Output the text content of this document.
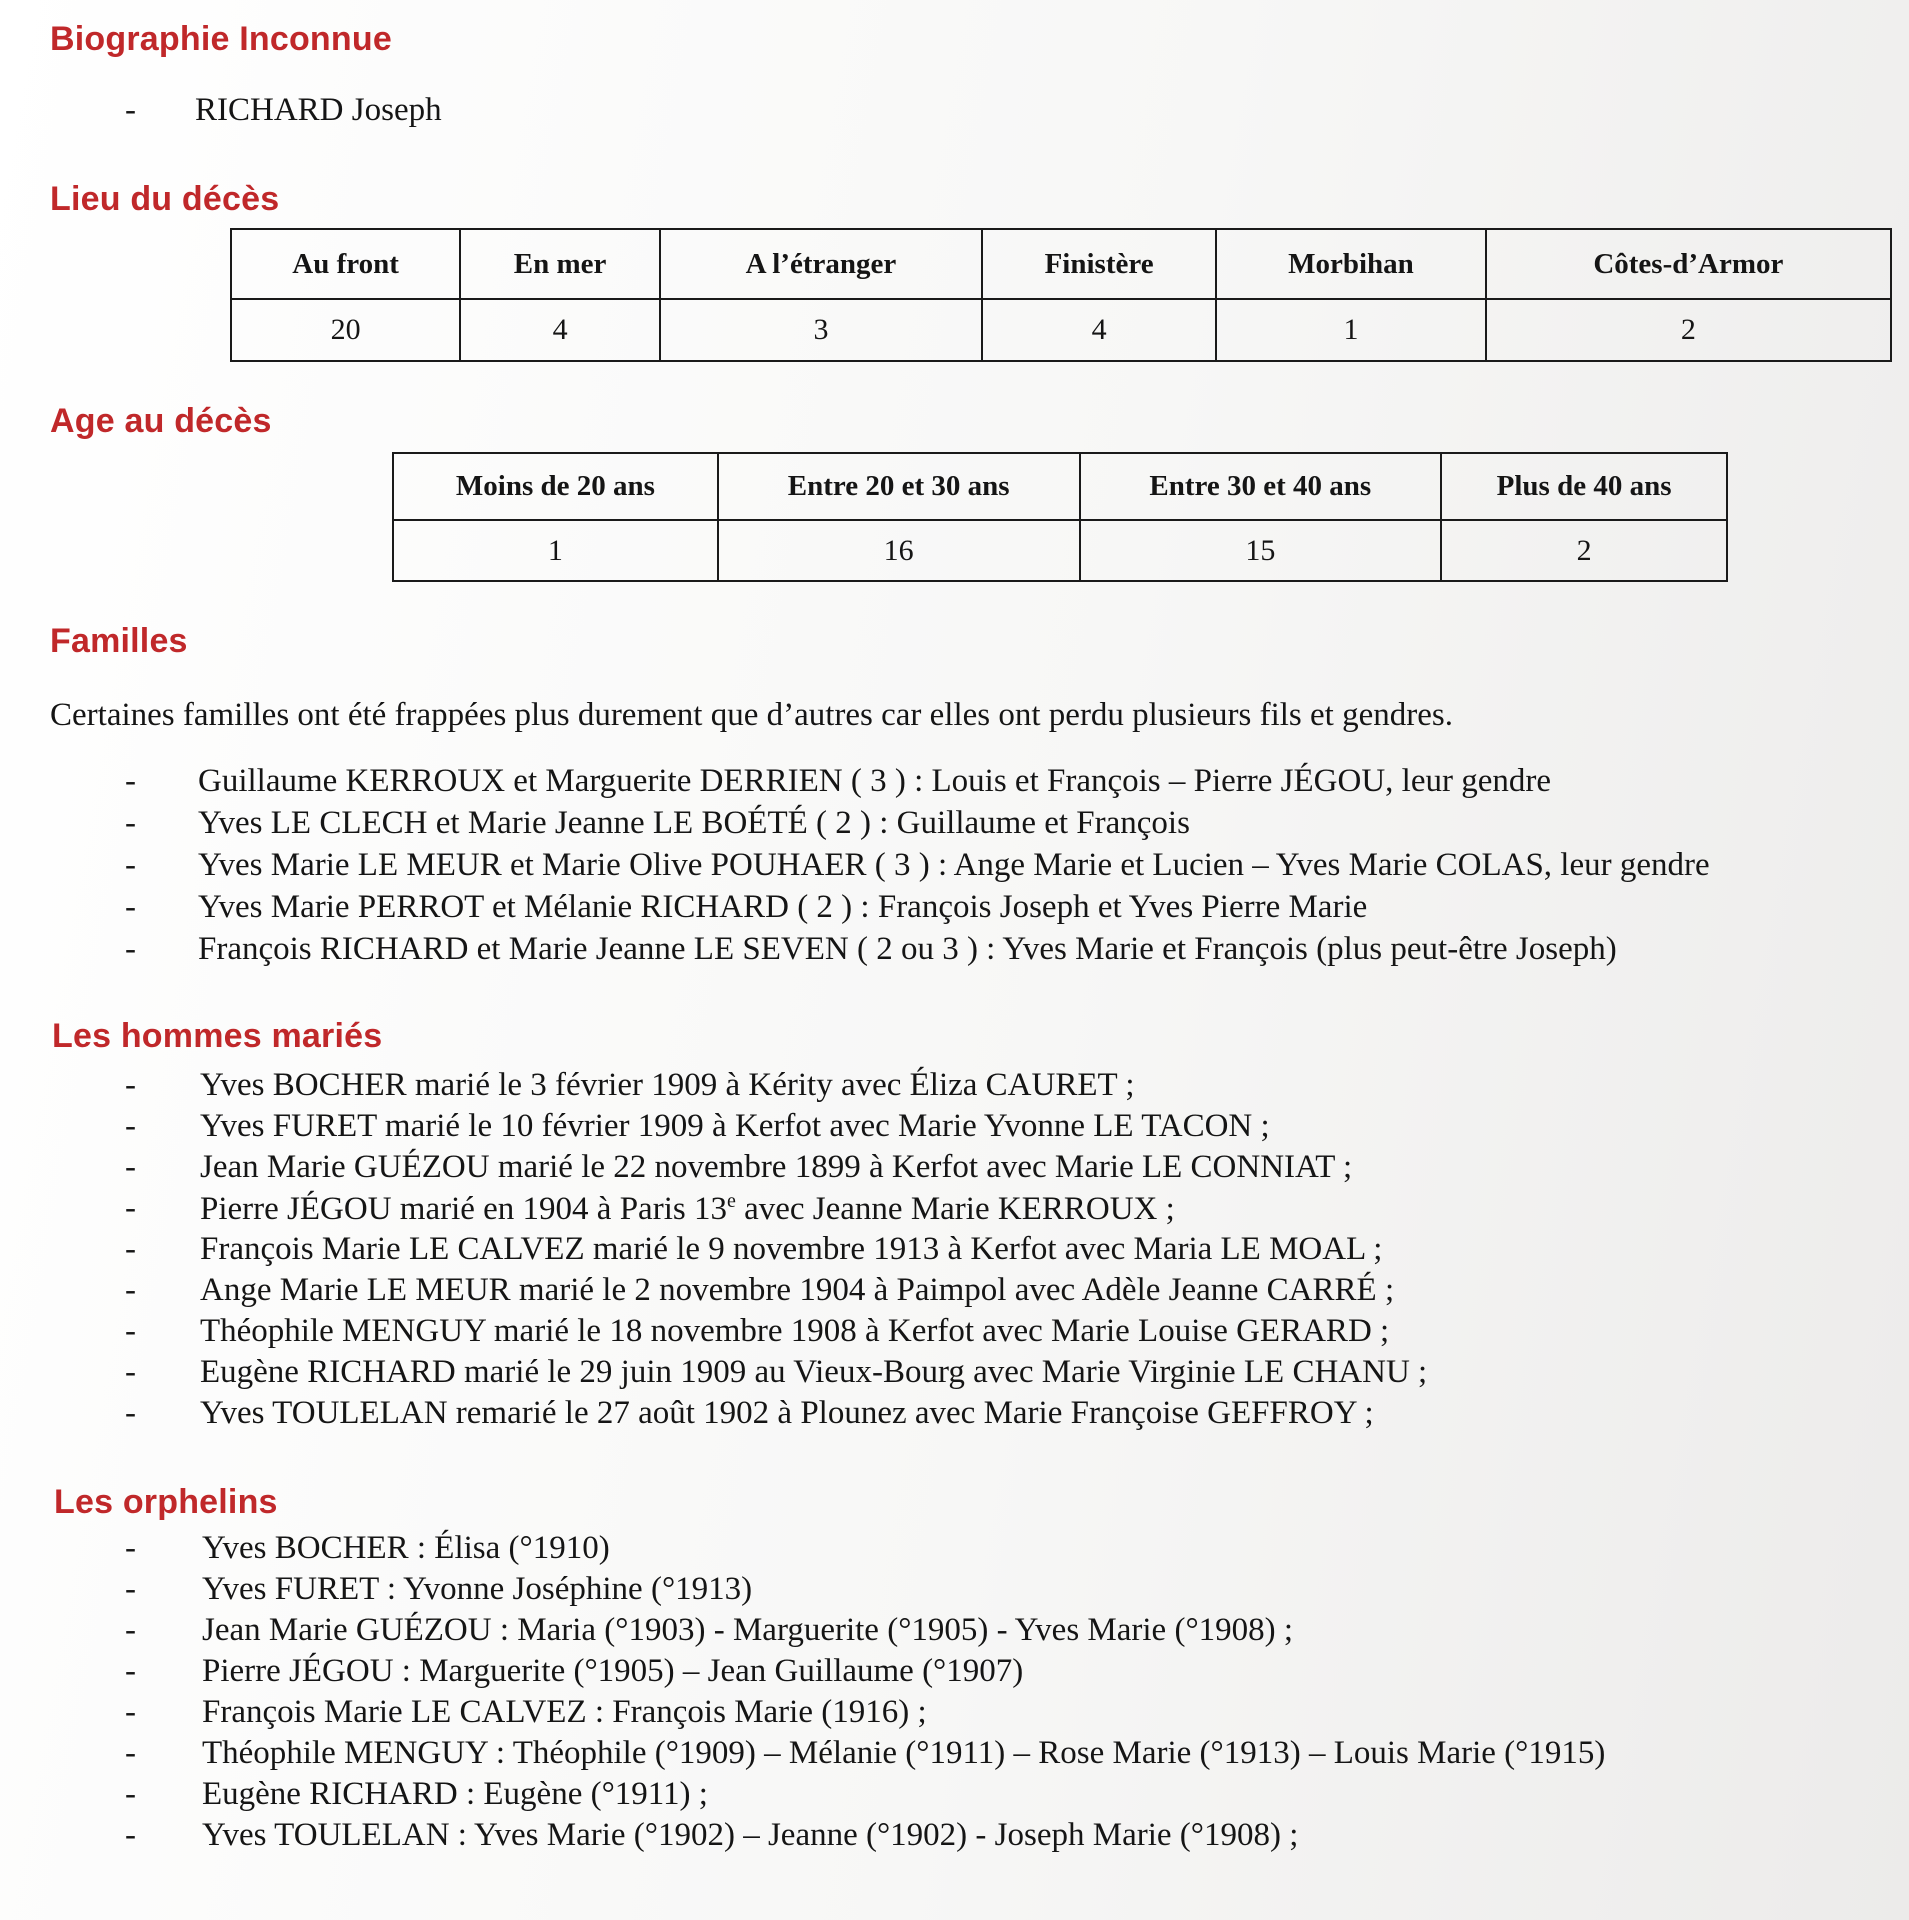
Biographie Inconnue
- RICHARD Joseph
Lieu du décès
Au front	En mer	A l’étranger	Finistère	Morbihan	Côtes-d’Armor
20	4	3	4	1	2
Age au décès
Moins de 20 ans	Entre 20 et 30 ans	Entre 30 et 40 ans	Plus de 40 ans
1	16	15	2
Familles
Certaines familles ont été frappées plus durement que d’autres car elles ont perdu plusieurs fils et gendres.
- Guillaume KERROUX et Marguerite DERRIEN ( 3 ) : Louis et François – Pierre JÉGOU, leur gendre
- Yves LE CLECH et Marie Jeanne LE BOÉTÉ ( 2 ) : Guillaume et François
- Yves Marie LE MEUR et Marie Olive POUHAER ( 3 ) : Ange Marie et Lucien – Yves Marie COLAS, leur gendre
- Yves Marie PERROT et Mélanie RICHARD ( 2 ) : François Joseph et Yves Pierre Marie
- François RICHARD et Marie Jeanne LE SEVEN ( 2 ou 3 ) : Yves Marie et François (plus peut-être Joseph)
Les hommes mariés
- Yves BOCHER marié le 3 février 1909 à Kérity avec Éliza CAURET ;
- Yves FURET marié le 10 février 1909 à Kerfot avec Marie Yvonne LE TACON ;
- Jean Marie GUÉZOU marié le 22 novembre 1899 à Kerfot avec Marie LE CONNIAT ;
- Pierre JÉGOU marié en 1904 à Paris 13e avec Jeanne Marie KERROUX ;
- François Marie LE CALVEZ marié le 9 novembre 1913 à Kerfot avec Maria LE MOAL ;
- Ange Marie LE MEUR marié le 2 novembre 1904 à Paimpol avec Adèle Jeanne CARRÉ ;
- Théophile MENGUY marié le 18 novembre 1908 à Kerfot avec Marie Louise GERARD ;
- Eugène RICHARD marié le 29 juin 1909 au Vieux-Bourg avec Marie Virginie LE CHANU ;
- Yves TOULELAN remarié le 27 août 1902 à Plounez avec Marie Françoise GEFFROY ;
Les orphelins
- Yves BOCHER : Élisa (°1910)
- Yves FURET : Yvonne Joséphine (°1913)
- Jean Marie GUÉZOU : Maria (°1903) - Marguerite (°1905) - Yves Marie (°1908) ;
- Pierre JÉGOU : Marguerite (°1905) – Jean Guillaume (°1907)
- François Marie LE CALVEZ : François Marie (1916) ;
- Théophile MENGUY : Théophile (°1909) – Mélanie (°1911) – Rose Marie (°1913) – Louis Marie (°1915)
- Eugène RICHARD : Eugène (°1911) ;
- Yves TOULELAN : Yves Marie (°1902) – Jeanne (°1902) - Joseph Marie (°1908) ;
